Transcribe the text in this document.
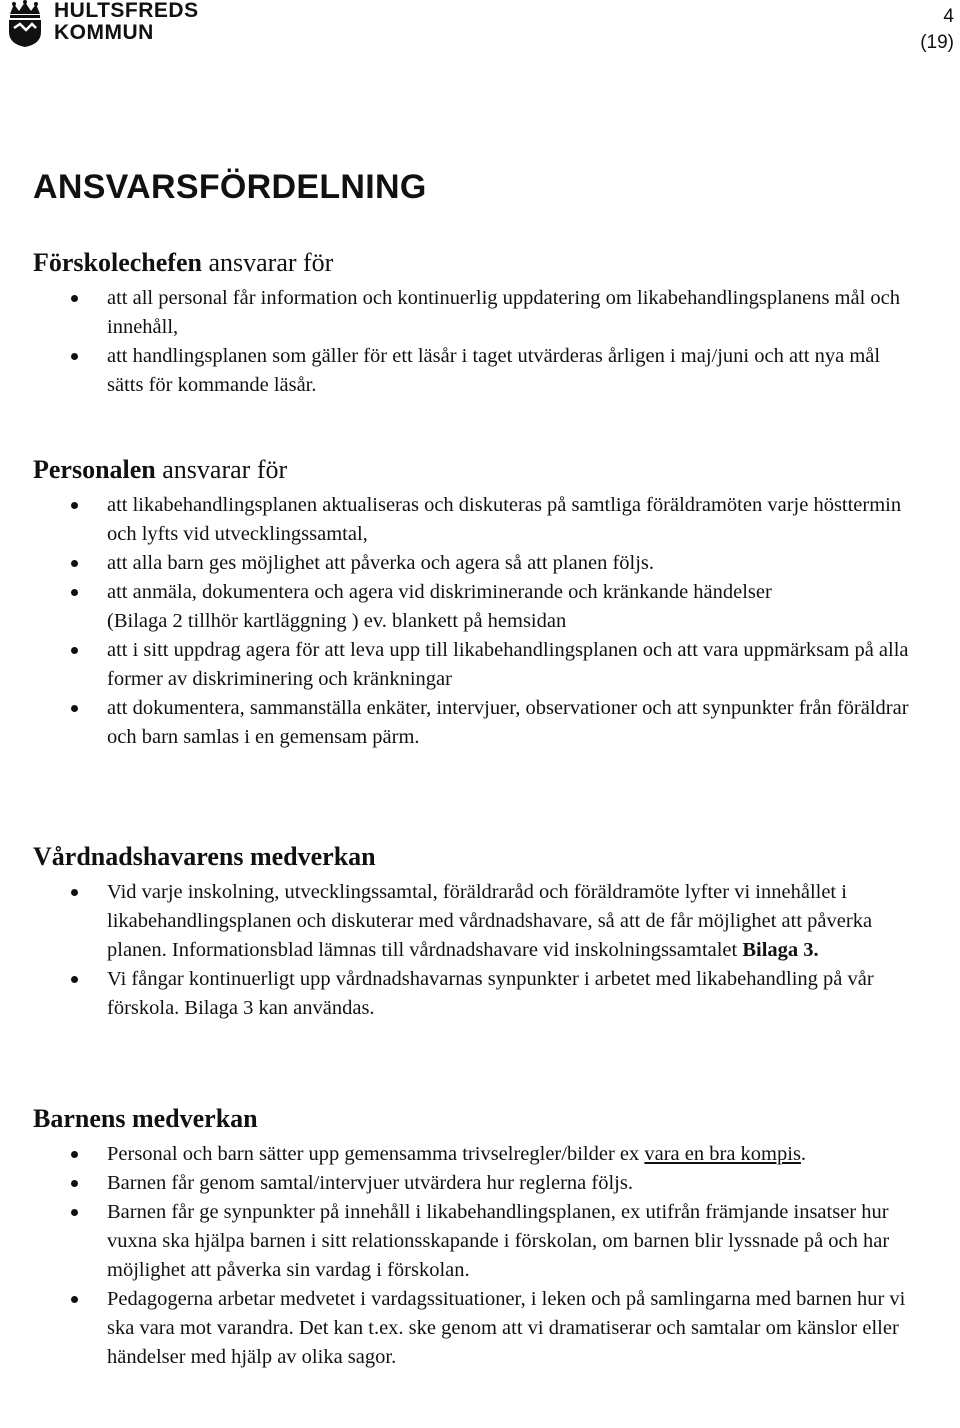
HULTSFREDS
KOMMUN
4
(19)
ANSVARSFÖRDELNING
Förskolechefen ansvarar för
att all personal får information och kontinuerlig uppdatering om likabehandlingsplanens mål och innehåll,
att handlingsplanen som gäller för ett läsår i taget utvärderas årligen i maj/juni och att nya mål sätts för kommande läsår.
Personalen ansvarar för
att likabehandlingsplanen aktualiseras och diskuteras på samtliga föräldramöten varje hösttermin och lyfts vid utvecklingssamtal,
att alla barn ges möjlighet att påverka och agera så att planen följs.
att anmäla, dokumentera och agera vid diskriminerande och kränkande händelser
(Bilaga 2 tillhör kartläggning ) ev. blankett på hemsidan
att i sitt uppdrag agera för att leva upp till likabehandlingsplanen och att vara uppmärksam på alla former av diskriminering och kränkningar
att dokumentera, sammanställa enkäter, intervjuer, observationer och att synpunkter från föräldrar och barn samlas i en gemensam pärm.
Vårdnadshavarens medverkan
Vid varje inskolning, utvecklingssamtal, föräldraråd och föräldramöte lyfter vi innehållet i likabehandlingsplanen och diskuterar med vårdnadshavare, så att de får möjlighet att påverka planen. Informationsblad lämnas till vårdnadshavare vid inskolningssamtalet Bilaga 3.
Vi fångar kontinuerligt upp vårdnadshavarnas synpunkter i arbetet med likabehandling på vår förskola. Bilaga 3 kan användas.
Barnens medverkan
Personal och barn sätter upp gemensamma trivselregler/bilder ex vara en bra kompis.
Barnen får genom samtal/intervjuer utvärdera hur reglerna följs.
Barnen får ge synpunkter på innehåll i likabehandlingsplanen, ex utifrån främjande insatser hur vuxna ska hjälpa barnen i sitt relationsskapande i förskolan, om barnen blir lyssnade på och har möjlighet att påverka sin vardag i förskolan.
Pedagogerna arbetar medvetet i vardagssituationer, i leken och på samlingarna med barnen hur vi ska vara mot varandra. Det kan t.ex. ske genom att vi dramatiserar och samtalar om känslor eller händelser med hjälp av olika sagor.
